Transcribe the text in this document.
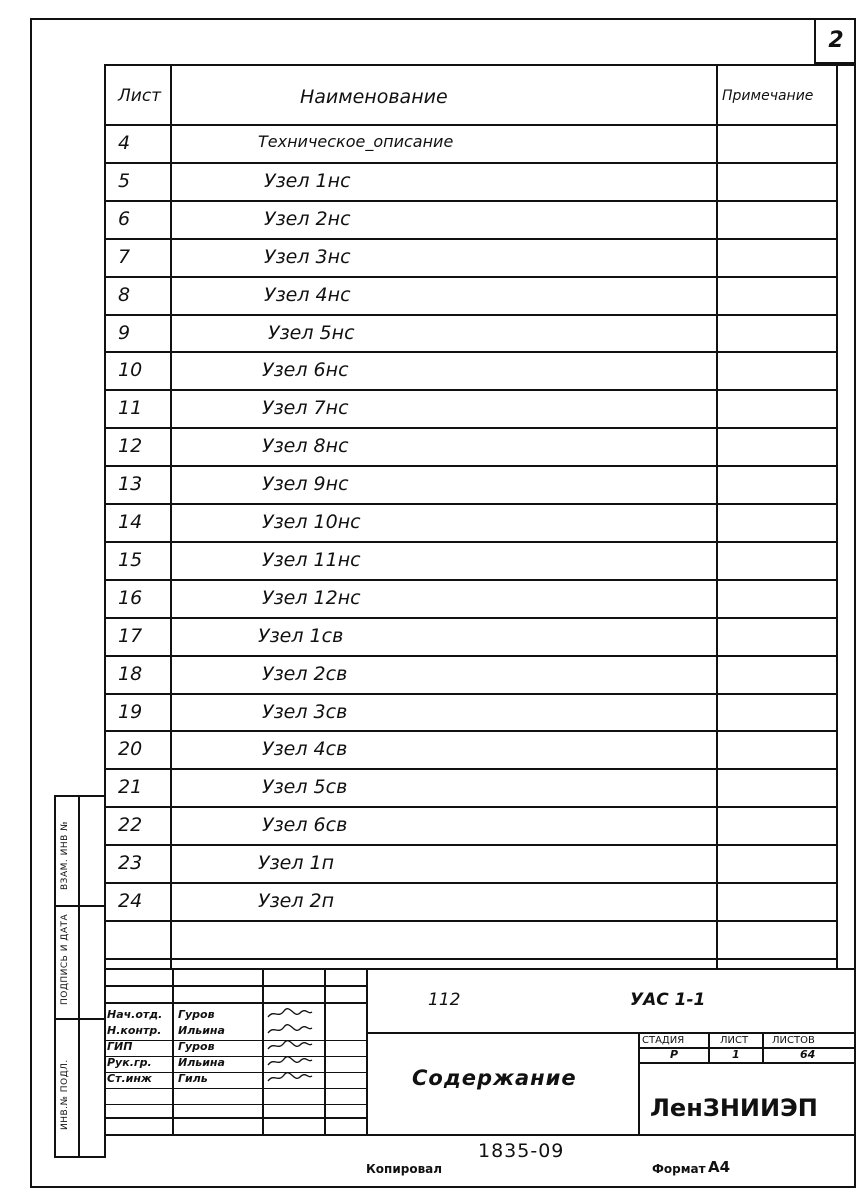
2
Лист	Наименование	Примечание
4	Техническое_описание
5	Узел 1нс
6	Узел 2нс
7	Узел 3нс
8	Узел 4нс
9	Узел 5нс
10	Узел 6нс
11	Узел 7нс
12	Узел 8нс
13	Узел 9нс
14	Узел 10нс
15	Узел 11нс
16	Узел 12нс
17	Узел 1св
18	Узел 2св
19	Узел 3св
20	Узел 4св
21	Узел 5св
22	Узел 6св
23	Узел 1п
24	Узел 2п
ВЗАМ. ИНВ №
ПОДПИСЬ И ДАТА
ИНВ.№ ПОДЛ.
112	УАС 1-1
Содержание
СТАДИЯ	ЛИСТ ЛИСТОВ
Р	1	64
ЛенЗНИИЭП
Нач.отд. Гуров
Н.контр. Ильина
ГИП	Гуров
Рук.гр. Ильина
Ст.инж Гиль
Копировал
1835-09
Формат А4
